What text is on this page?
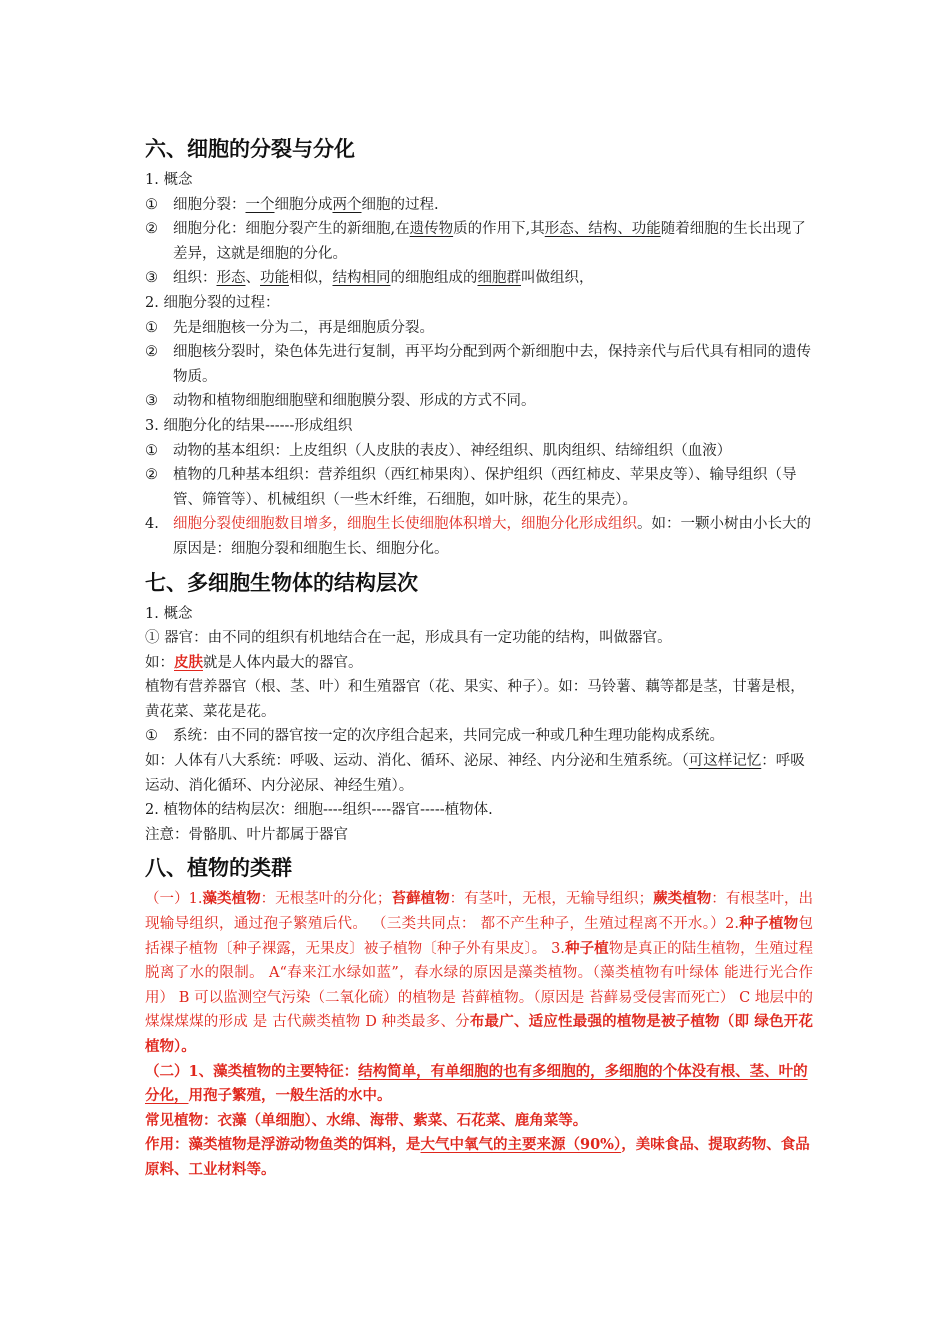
六、细胞的分裂与分化
1. 概念
①	细胞分裂：一个细胞分成两个细胞的过程.
②	细胞分化：细胞分裂产生的新细胞,在遗传物质的作用下,其形态、结构、功能随着细胞的生长出现了差异，这就是细胞的分化。
③	组织：形态、功能相似，结构相同的细胞组成的细胞群叫做组织，
2. 细胞分裂的过程：
①	先是细胞核一分为二，再是细胞质分裂。
②	细胞核分裂时，染色体先进行复制，再平均分配到两个新细胞中去，保持亲代与后代具有相同的遗传物质。
③	动物和植物细胞细胞壁和细胞膜分裂、形成的方式不同。
3. 细胞分化的结果------形成组织
①	动物的基本组织：上皮组织（人皮肤的表皮）、神经组织、肌肉组织、结缔组织（血液）
②	植物的几种基本组织：营养组织（西红柿果肉）、保护组织（西红柿皮、苹果皮等）、输导组织（导管、筛管等）、机械组织（一些木纤维，石细胞，如叶脉，花生的果壳）。
4. 细胞分裂使细胞数目增多，细胞生长使细胞体积增大，细胞分化形成组织。如：一颗小树由小长大的原因是：细胞分裂和细胞生长、细胞分化。
七、多细胞生物体的结构层次
1. 概念
① 器官：由不同的组织有机地结合在一起，形成具有一定功能的结构，叫做器官。
如：皮肤就是人体内最大的器官。
植物有营养器官（根、茎、叶）和生殖器官（花、果实、种子）。如：马铃薯、藕等都是茎，甘薯是根，黄花菜、菜花是花。
①	系统：由不同的器官按一定的次序组合起来，共同完成一种或几种生理功能构成系统。
如：人体有八大系统：呼吸、运动、消化、循环、泌尿、神经、内分泌和生殖系统。（可这样记忆：呼吸运动、消化循环、内分泌尿、神经生殖）。
2. 植物体的结构层次：细胞----组织----器官-----植物体.
注意：骨骼肌、叶片都属于器官
八、植物的类群
（一）1.藻类植物：无根茎叶的分化；苔藓植物：有茎叶，无根，无输导组织；蕨类植物：有根茎叶，出现输导组织，通过孢子繁殖后代。 （三类共同点： 都不产生种子，生殖过程离不开水。）2.种子植物包括裸子植物〔种子裸露，无果皮〕被子植物〔种子外有果皮〕。 3.种子植物是真正的陆生植物，生殖过程脱离了水的限制。 A“春来江水绿如蓝”，春水绿的原因是藻类植物。（藻类植物有叶绿体 能进行光合作用） B 可以监测空气污染（二氧化硫）的植物是 苔藓植物。（原因是 苔藓易受侵害而死亡） C 地层中的煤煤煤煤的形成 是 古代蕨类植物 D 种类最多、分布最广、适应性最强的植物是被子植物（即 绿色开花植物）。
（二）1、藻类植物的主要特征：结构简单，有单细胞的也有多细胞的，多细胞的个体没有根、茎、叶的分化，用孢子繁殖，一般生活的水中。
常见植物：衣藻（单细胞）、水绵、海带、紫菜、石花菜、鹿角菜等。
作用：藻类植物是浮游动物鱼类的饵料，是大气中氧气的主要来源（90%），美味食品、提取药物、食品原料、工业材料等。
